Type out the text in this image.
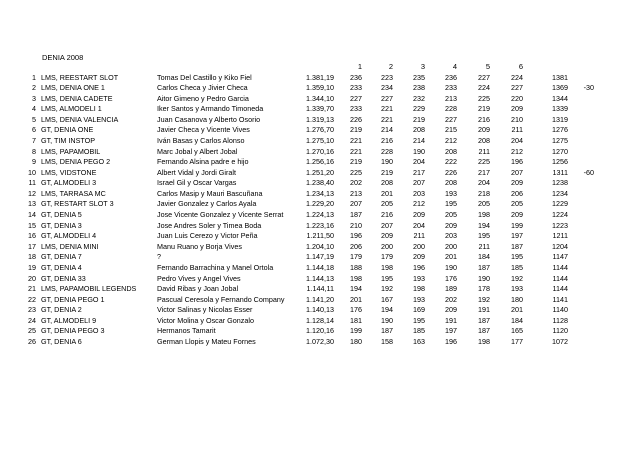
DENIA 2008
1	2	3	4	5	6
1 LMS, REESTART SLOT	Tomas Del Castillo y Kiko Fiel	1.381,19	236	223	235	236	227	224	1381
2 LMS, DENIA ONE 1	Carlos Checa y Jivier Checa	1.359,10	233	234	238	233	224	227	1369	-30
3 LMS, DENIA CADETE	Aitor Gimeno y Pedro Garcia	1.344,10	227	227	232	213	225	220	1344
4 LMS, ALMODELI 1	Iker Santos y Armando Timoneda	1.339,70	233	221	229	228	219	209	1339
5 LMS, DENIA VALENCIA	Juan Casanova y Alberto Osorio	1.319,13	226	221	219	227	216	210	1319
6 GT, DENIA ONE	Javier Checa y Vicente Vives	1.276,70	219	214	208	215	209	211	1276
7 GT, TIM INSTOP	Iván Basas y Carlos Alonso	1.275,10	221	216	214	212	208	204	1275
8 LMS, PAPAMOBIL	Marc Jobal y Albert Jobal	1.270,16	221	228	190	208	211	212	1270
9 LMS, DENIA PEGO 2	Fernando Alsina padre e hijo	1.256,16	219	190	204	222	225	196	1256
10 LMS, VIDSTONE	Albert Vidal y Jordi Giralt	1.251,20	225	219	217	226	217	207	1311	-60
11 GT, ALMODELI 3	Israel Gil y Oscar Vargas	1.238,40	202	208	207	208	204	209	1238
12 LMS, TARRASA MC	Carlos Masip y Mauri Bascuñana	1.234,13	213	201	203	193	218	206	1234
13 GT, RESTART SLOT 3	Javier Gonzalez y Carlos Ayala	1.229,20	207	205	212	195	205	205	1229
14 GT, DENIA 5	Jose Vicente Gonzalez y Vicente Serrat	1.224,13	187	216	209	205	198	209	1224
15 GT, DENIA 3	Jose Andres Soler y Timea Boda	1.223,16	210	207	204	209	194	199	1223
16 GT, ALMODELI 4	Juan Luis Cerezo y Victor Peña	1.211,50	196	209	211	203	195	197	1211
17 LMS, DENIA MINI	Manu Ruano y Borja Vives	1.204,10	206	200	200	200	211	187	1204
18 GT, DENIA 7	?	1.147,19	179	179	209	201	184	195	1147
19 GT, DENIA 4	Fernando Barrachina y Manel Ortola	1.144,18	188	198	196	190	187	185	1144
20 GT, DENIA 33	Pedro Vives y Angel Vives	1.144,13	198	195	193	176	190	192	1144
21 LMS, PAPAMOBIL LEGENDS	David Ribas y Joan Jobal	1.144,11	194	192	198	189	178	193	1144
22 GT, DENIA PEGO 1	Pascual Ceresola y Fernando Company	1.141,20	201	167	193	202	192	180	1141
23 GT, DENIA 2	Victor Salinas y Nicolas Esser	1.140,13	176	194	169	209	191	201	1140
24 GT, ALMODELI 9	Victor Molina y Oscar Gonzalo	1.128,14	181	190	195	191	187	184	1128
25 GT, DENIA PEGO 3	Hermanos Tamarit	1.120,16	199	187	185	197	187	165	1120
26 GT, DENIA 6	German Llopis y Mateu Fornes	1.072,30	180	158	163	196	198	177	1072
